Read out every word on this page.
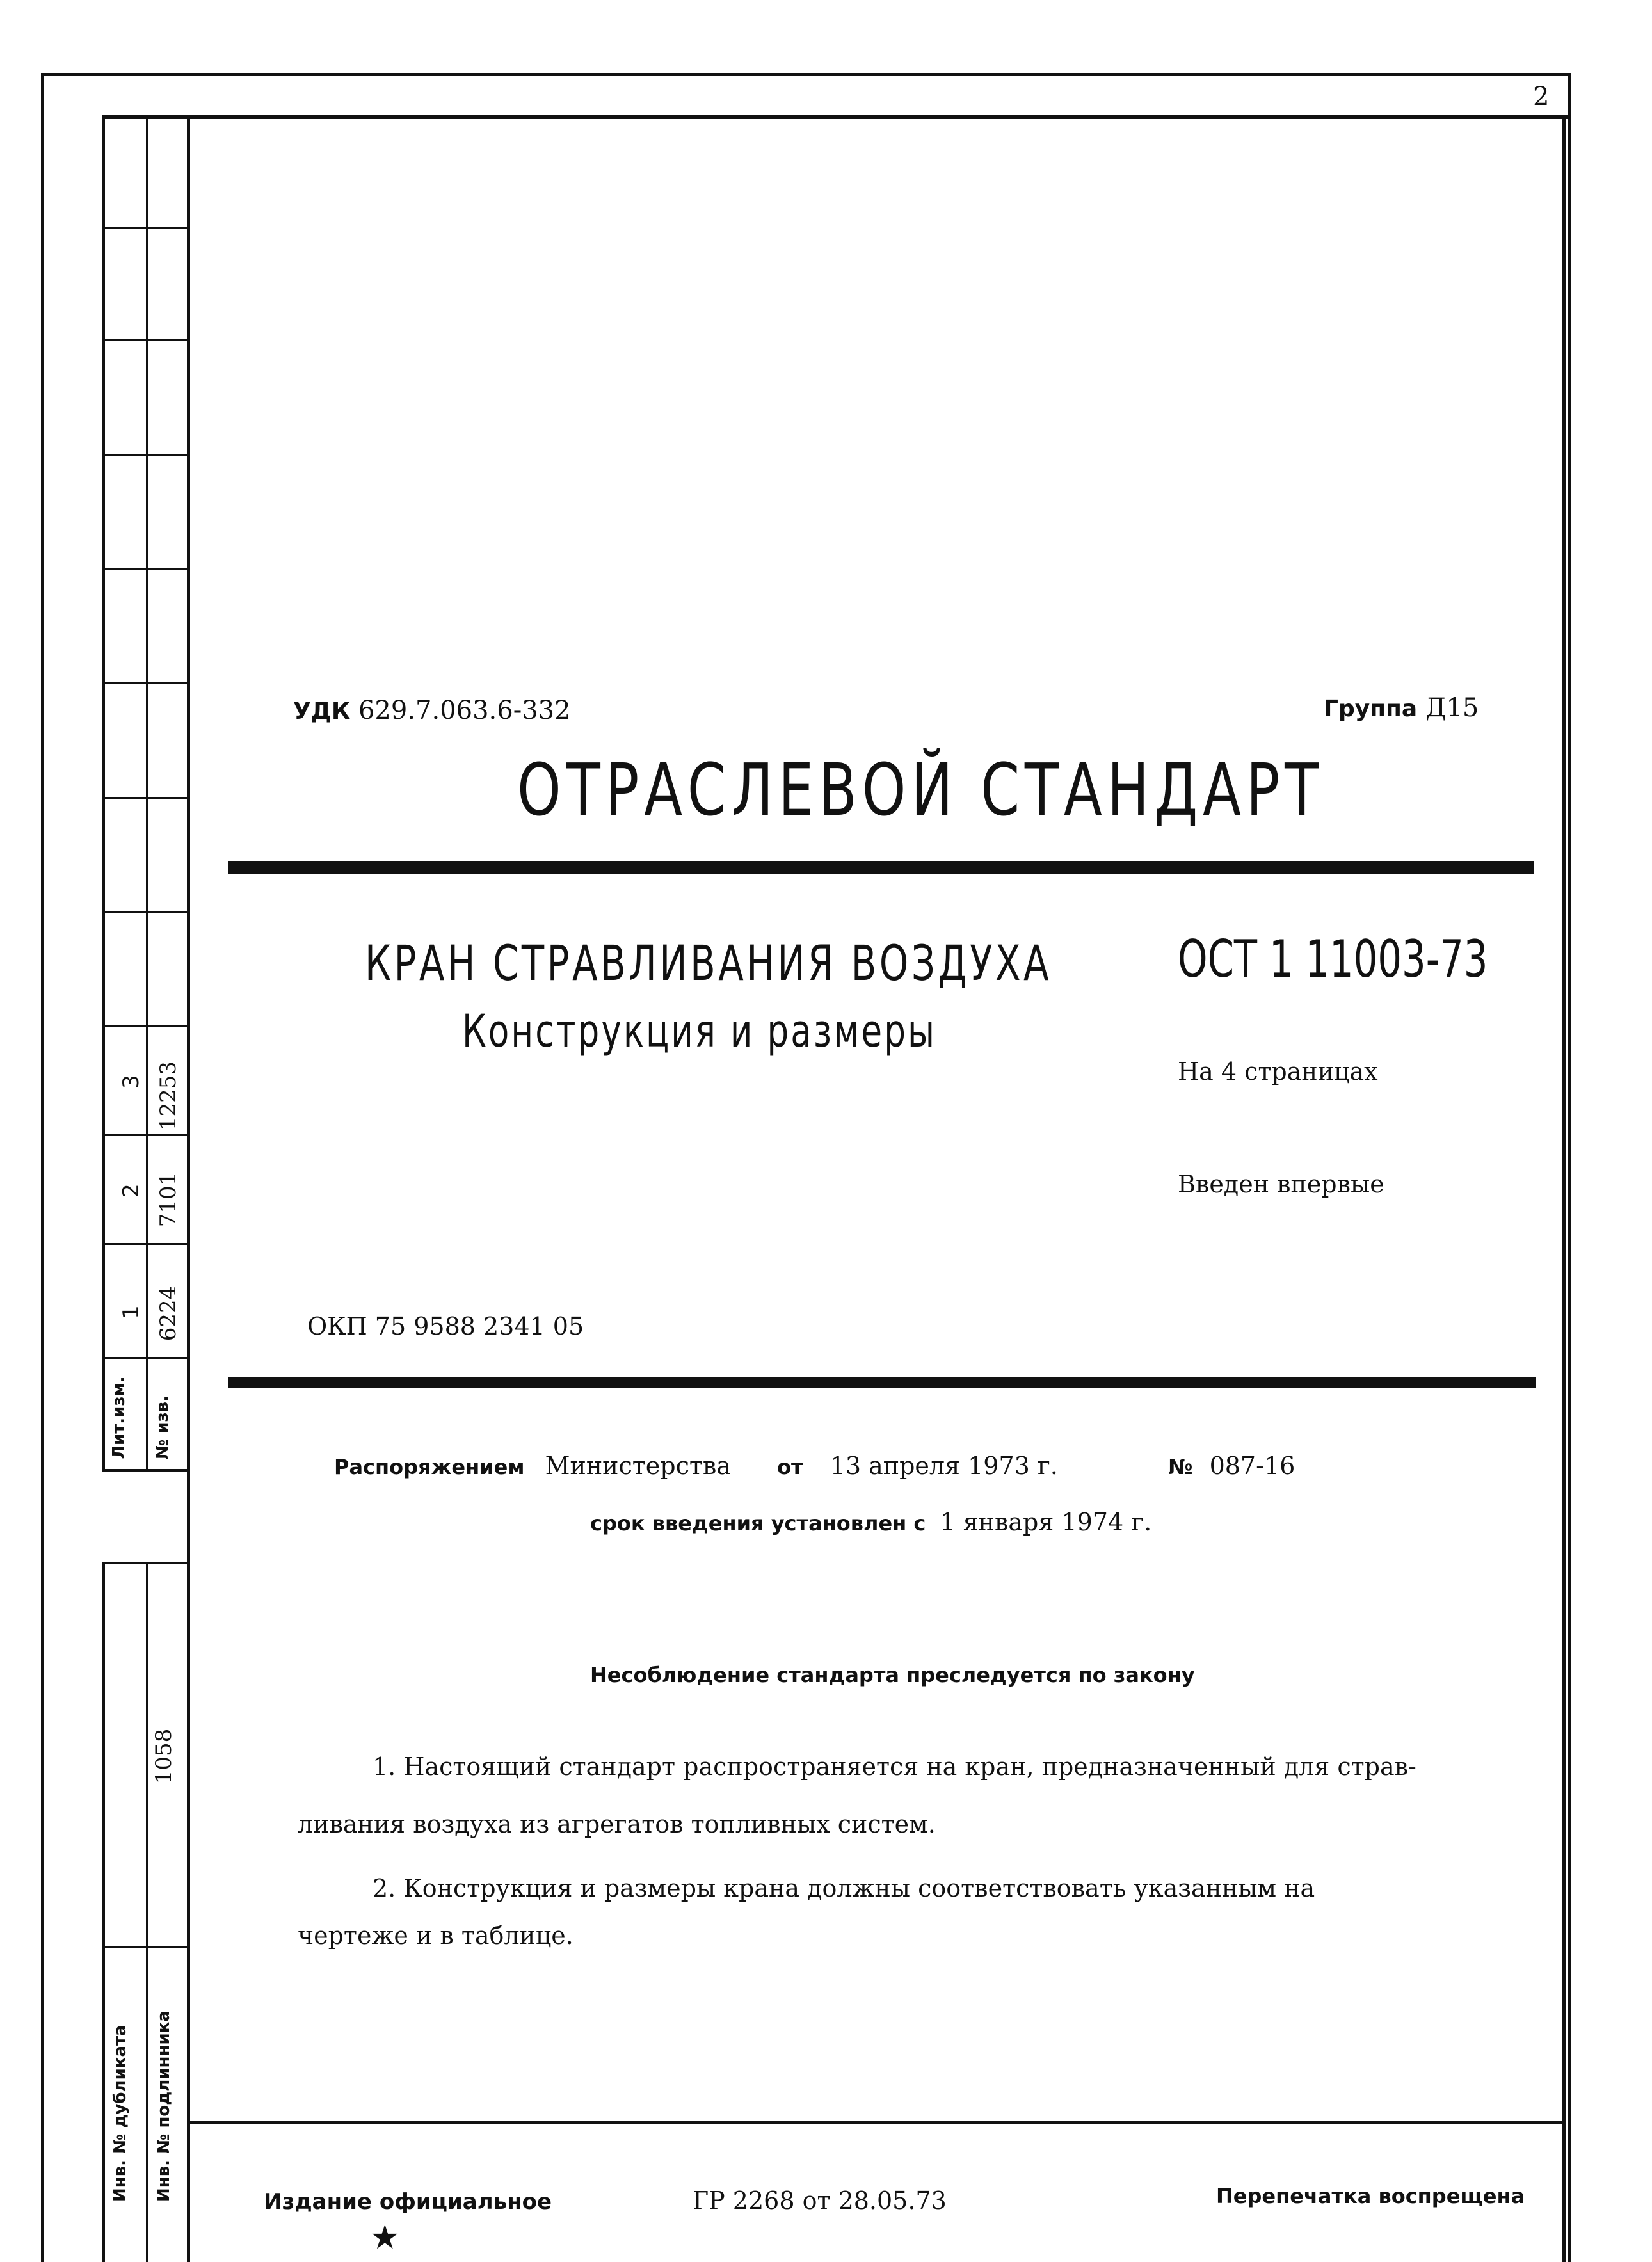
2
3 12253
2 7101
1 6224
Лит.изм.	№ изв.
1058
Инв. № дубликата	Инв. № подлинника
УДК 629.7.063.6-332	Группа Д15
ОТРАСЛЕВОЙ СТАНДАРТ
КРАН СТРАВЛИВАНИЯ ВОЗДУХА
Конструкция и размеры
ОСТ 1 11003-73
На 4 страницах
Введен впервые
ОКП 75 9588 2341 05
Распоряжением Министерства от 13 апреля 1973 г.	№ 087-16
срок введения установлен с 1 января 1974 г.
Несоблюдение стандарта преследуется по закону
1. Настоящий стандарт распространяется на кран, предназначенный для страв-
ливания воздуха из агрегатов топливных систем.
2. Конструкция и размеры крана должны соответствовать указанным на
чертеже и в таблице.
Издание официальное
★
ГР 2268 от 28.05.73	Перепечатка воспрещена
